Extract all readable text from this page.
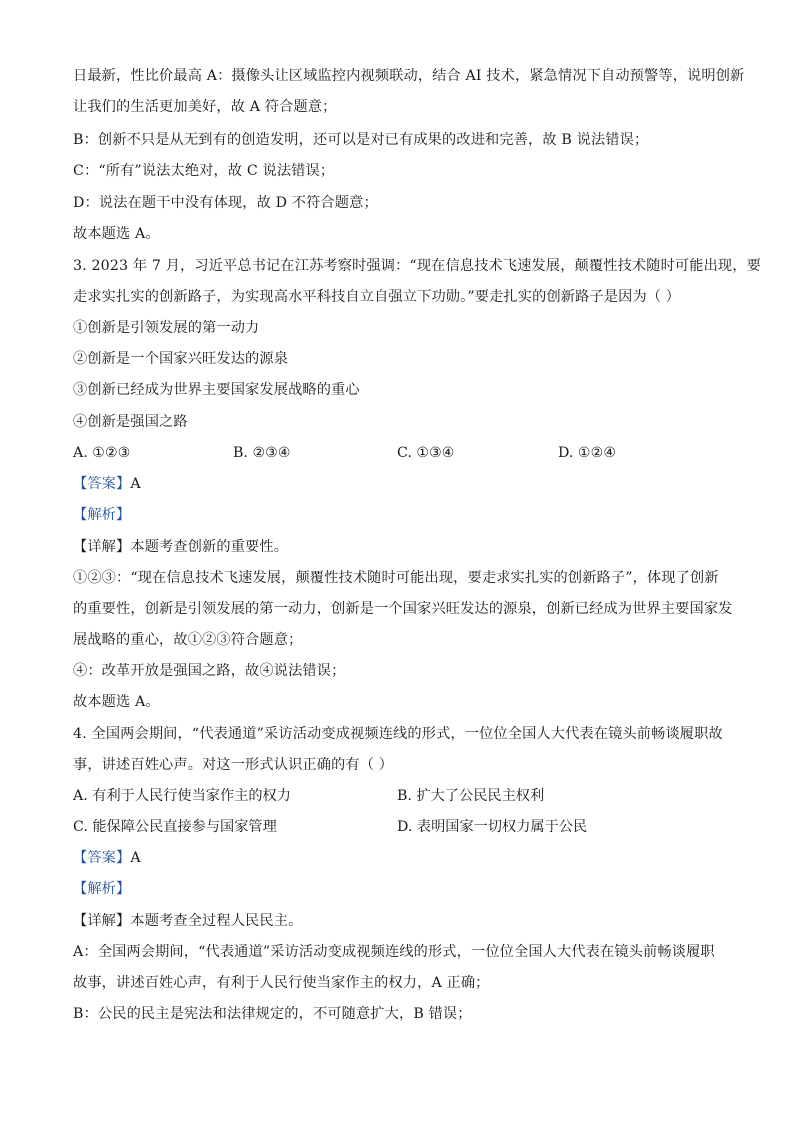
日最新，性比价最高 A：摄像头让区域监控内视频联动，结合 AI 技术，紧急情况下自动预警等，说明创新
让我们的生活更加美好，故 A 符合题意；
B：创新不只是从无到有的创造发明，还可以是对已有成果的改进和完善，故 B 说法错误；
C：“所有”说法太绝对，故 C 说法错误；
D：说法在题干中没有体现，故 D 不符合题意；
故本题选 A。
3. 2023 年 7 月，习近平总书记在江苏考察时强调：“现在信息技术飞速发展，颠覆性技术随时可能出现，要
走求实扎实的创新路子，为实现高水平科技自立自强立下功勋。”要走扎实的创新路子是因为（ ）
①创新是引领发展的第一动力
②创新是一个国家兴旺发达的源泉
③创新已经成为世界主要国家发展战略的重心
④创新是强国之路
A. ①②③	B. ②③④	C. ①③④	D. ①②④
【答案】A
【解析】
【详解】本题考查创新的重要性。
①②③：“现在信息技术飞速发展，颠覆性技术随时可能出现，要走求实扎实的创新路子”，体现了创新
的重要性，创新是引领发展的第一动力，创新是一个国家兴旺发达的源泉，创新已经成为世界主要国家发
展战略的重心，故①②③符合题意；
④：改革开放是强国之路，故④说法错误；
故本题选 A。
4. 全国两会期间，“代表通道”采访活动变成视频连线的形式，一位位全国人大代表在镜头前畅谈履职故
事，讲述百姓心声。对这一形式认识正确的有（ ）
A. 有利于人民行使当家作主的权力	B. 扩大了公民民主权利
C. 能保障公民直接参与国家管理	D. 表明国家一切权力属于公民
【答案】A
【解析】
【详解】本题考查全过程人民民主。
A：全国两会期间，“代表通道”采访活动变成视频连线的形式，一位位全国人大代表在镜头前畅谈履职
故事，讲述百姓心声，有利于人民行使当家作主的权力，A 正确；
B：公民的民主是宪法和法律规定的，不可随意扩大，B 错误；
